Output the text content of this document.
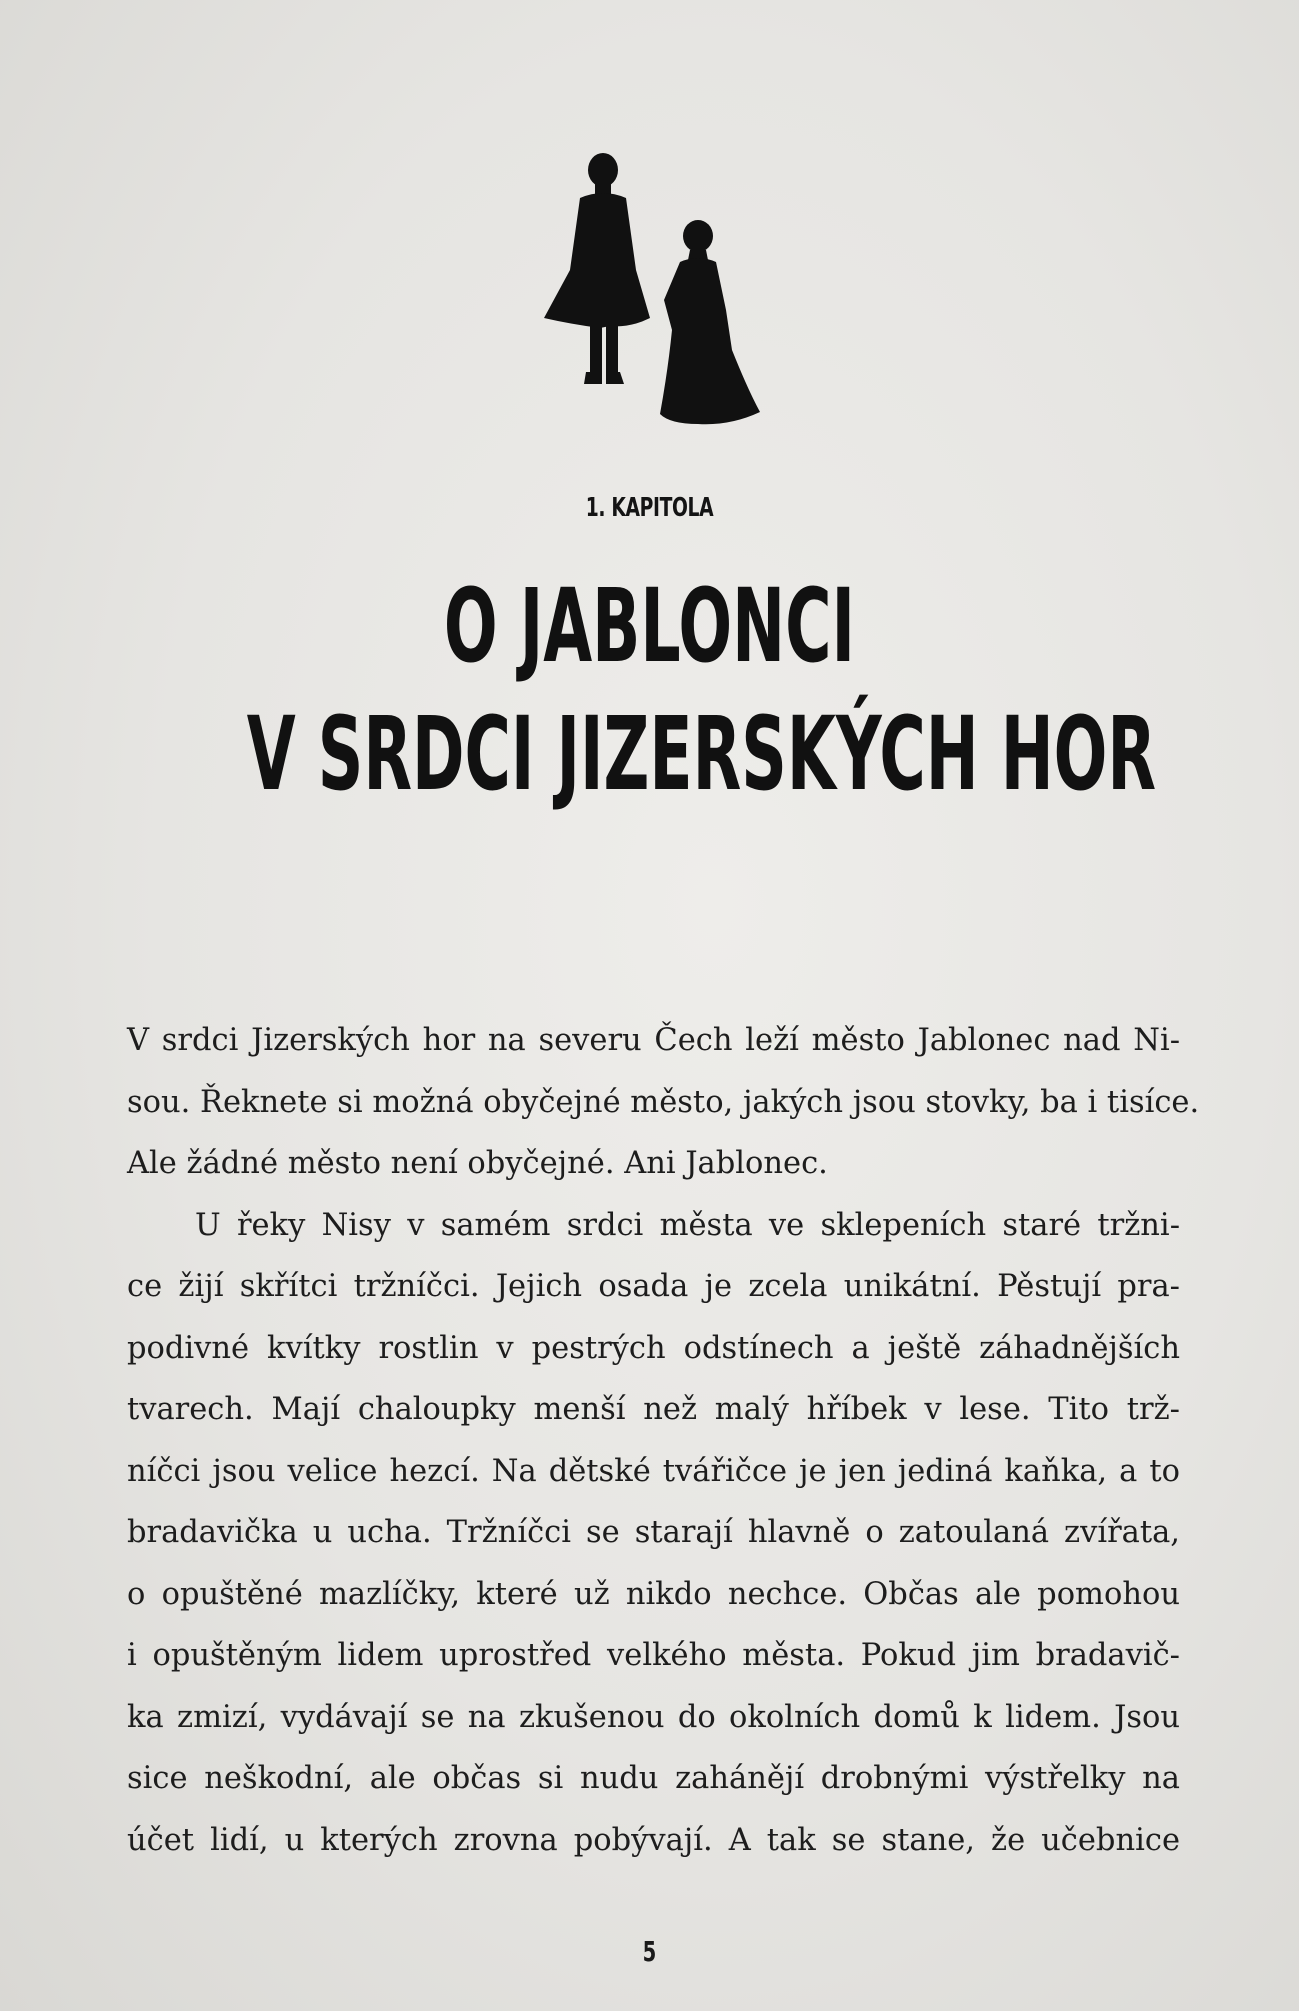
1. KAPITOLA
O JABLONCI
V SRDCI JIZERSKÝCH HOR

V srdci Jizerských hor na severu Čech leží město Jablonec nad Ni-
sou. Řeknete si možná obyčejné město, jakých jsou stovky, ba i tisíce.
Ale žádné město není obyčejné. Ani Jablonec.

U řeky Nisy v samém srdci města ve sklepeních staré tržni-
ce žijí skřítci tržníčci. Jejich osada je zcela unikátní. Pěstují pra-
podivné kvítky rostlin v pestrých odstínech a ještě záhadnějších
tvarech. Mají chaloupky menší než malý hříbek v lese. Tito trž-
níčci jsou velice hezcí. Na dětské tvářičce je jen jediná kaňka, a to
bradavička u ucha. Tržníčci se starají hlavně o zatoulaná zvířata,
o opuštěné mazlíčky, které už nikdo nechce. Občas ale pomohou
i opuštěným lidem uprostřed velkého města. Pokud jim bradavič-
ka zmizí, vydávají se na zkušenou do okolních domů k lidem. Jsou
sice neškodní, ale občas si nudu zahánějí drobnými výstřelky na
účet lidí, u kterých zrovna pobývají. A tak se stane, že učebnice

5
